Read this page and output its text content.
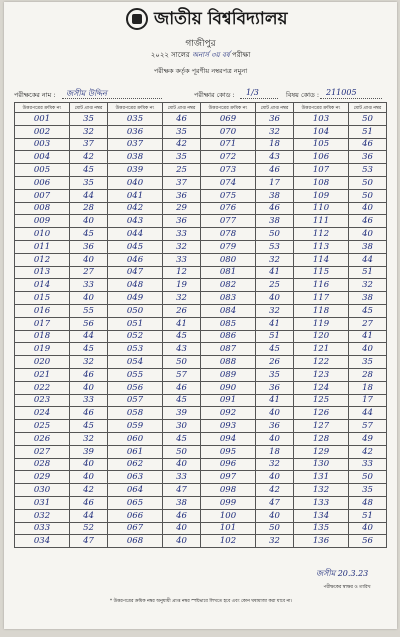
জাতীয় বিশ্ববিদ্যালয়
গাজীপুর
২০২২ সালের অনার্স ৩য় বর্ষ পরীক্ষা
পরীক্ষক কর্তৃক পূরণীয় নম্বরপত্র নমুনা
পরীক্ষকের নাম : জসীম উদ্দিন	পরীক্ষার কোড : 1/3	বিষয় কোড : 211005
উত্তরপত্রের ক্রমিক নং	মোট প্রাপ্ত নম্বর	উত্তরপত্রের ক্রমিক নং	মোট প্রাপ্ত নম্বর	উত্তরপত্রের ক্রমিক নং	মোট প্রাপ্ত নম্বর	উত্তরপত্রের ক্রমিক নং	মোট প্রাপ্ত নম্বর
001	35	035	46	069	36	103	50
002	32	036	35	070	32	104	51
003	37	037	42	071	18	105	46
004	42	038	35	072	43	106	36
005	45	039	25	073	46	107	53
006	35	040	37	074	17	108	50
007	44	041	36	075	38	109	50
008	28	042	29	076	46	110	40
009	40	043	36	077	38	111	46
010	45	044	33	078	50	112	40
011	36	045	32	079	53	113	38
012	40	046	33	080	32	114	44
013	27	047	12	081	41	115	51
014	33	048	19	082	25	116	32
015	40	049	32	083	40	117	38
016	55	050	26	084	32	118	45
017	56	051	41	085	41	119	27
018	44	052	45	086	51	120	41
019	45	053	43	087	45	121	40
020	32	054	50	088	26	122	35
021	46	055	57	089	35	123	28
022	40	056	46	090	36	124	18
023	33	057	45	091	41	125	17
024	46	058	39	092	40	126	44
025	45	059	30	093	36	127	57
026	32	060	45	094	40	128	49
027	39	061	50	095	18	129	42
028	40	062	40	096	32	130	33
029	40	063	33	097	40	131	50
030	42	064	47	098	42	132	35
031	46	065	38	099	47	133	48
032	44	066	46	100	40	134	51
033	52	067	40	101	50	135	40
034	47	068	40	102	32	136	56
জসীম 20.3.23
পরীক্ষকের স্বাক্ষর ও তারিখ
* উত্তরপত্রের ক্রমিক নম্বর অনুযায়ী প্রাপ্ত নম্বর স্পষ্টভাবে লিখতে হবে এবং কোন ঘষামাজা করা যাবে না।
